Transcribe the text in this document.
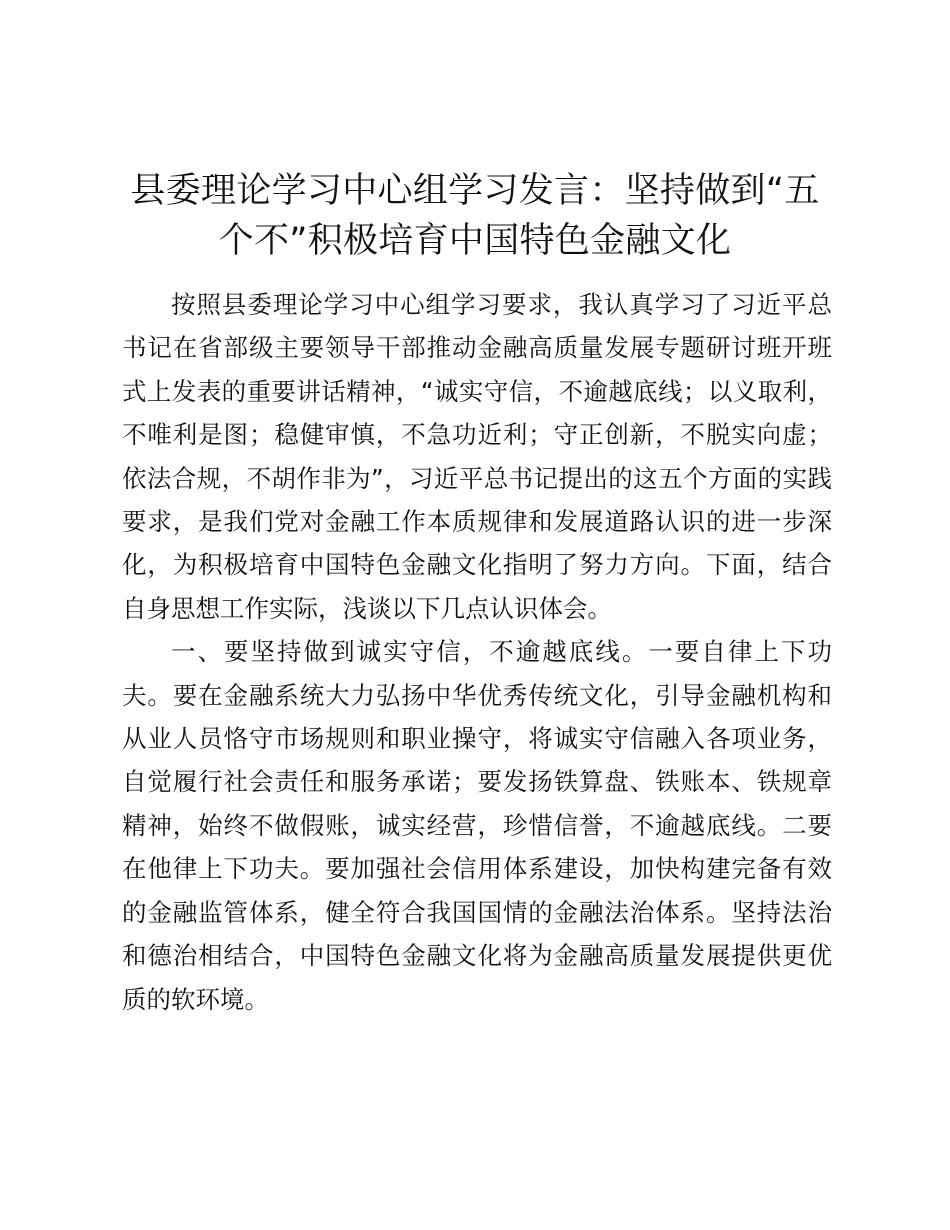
县委理论学习中心组学习发言：坚持做到“五个不”积极培育中国特色金融文化

按照县委理论学习中心组学习要求，我认真学习了习近平总书记在省部级主要领导干部推动金融高质量发展专题研讨班开班式上发表的重要讲话精神，“诚实守信，不逾越底线；以义取利，不唯利是图；稳健审慎，不急功近利；守正创新，不脱实向虚；依法合规，不胡作非为”，习近平总书记提出的这五个方面的实践要求，是我们党对金融工作本质规律和发展道路认识的进一步深化，为积极培育中国特色金融文化指明了努力方向。下面，结合自身思想工作实际，浅谈以下几点认识体会。

一、要坚持做到诚实守信，不逾越底线。一要自律上下功夫。要在金融系统大力弘扬中华优秀传统文化，引导金融机构和从业人员恪守市场规则和职业操守，将诚实守信融入各项业务，自觉履行社会责任和服务承诺；要发扬铁算盘、铁账本、铁规章精神，始终不做假账，诚实经营，珍惜信誉，不逾越底线。二要在他律上下功夫。要加强社会信用体系建设，加快构建完备有效的金融监管体系，健全符合我国国情的金融法治体系。坚持法治和德治相结合，中国特色金融文化将为金融高质量发展提供更优质的软环境。
